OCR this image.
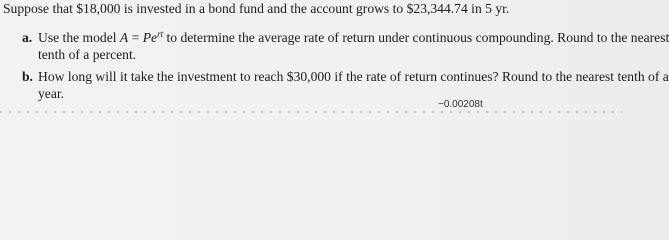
Suppose that $18,000 is invested in a bond fund and the account grows to $23,344.74 in 5 yr.
a. Use the model $A = Pe^{rt}$ to determine the average rate of return under continuous compounding. Round to the nearest
tenth of a percent.
b. How long will it take the investment to reach $30,000 if the rate of return continues? Round to the nearest tenth of a
year.
−0.00208t
